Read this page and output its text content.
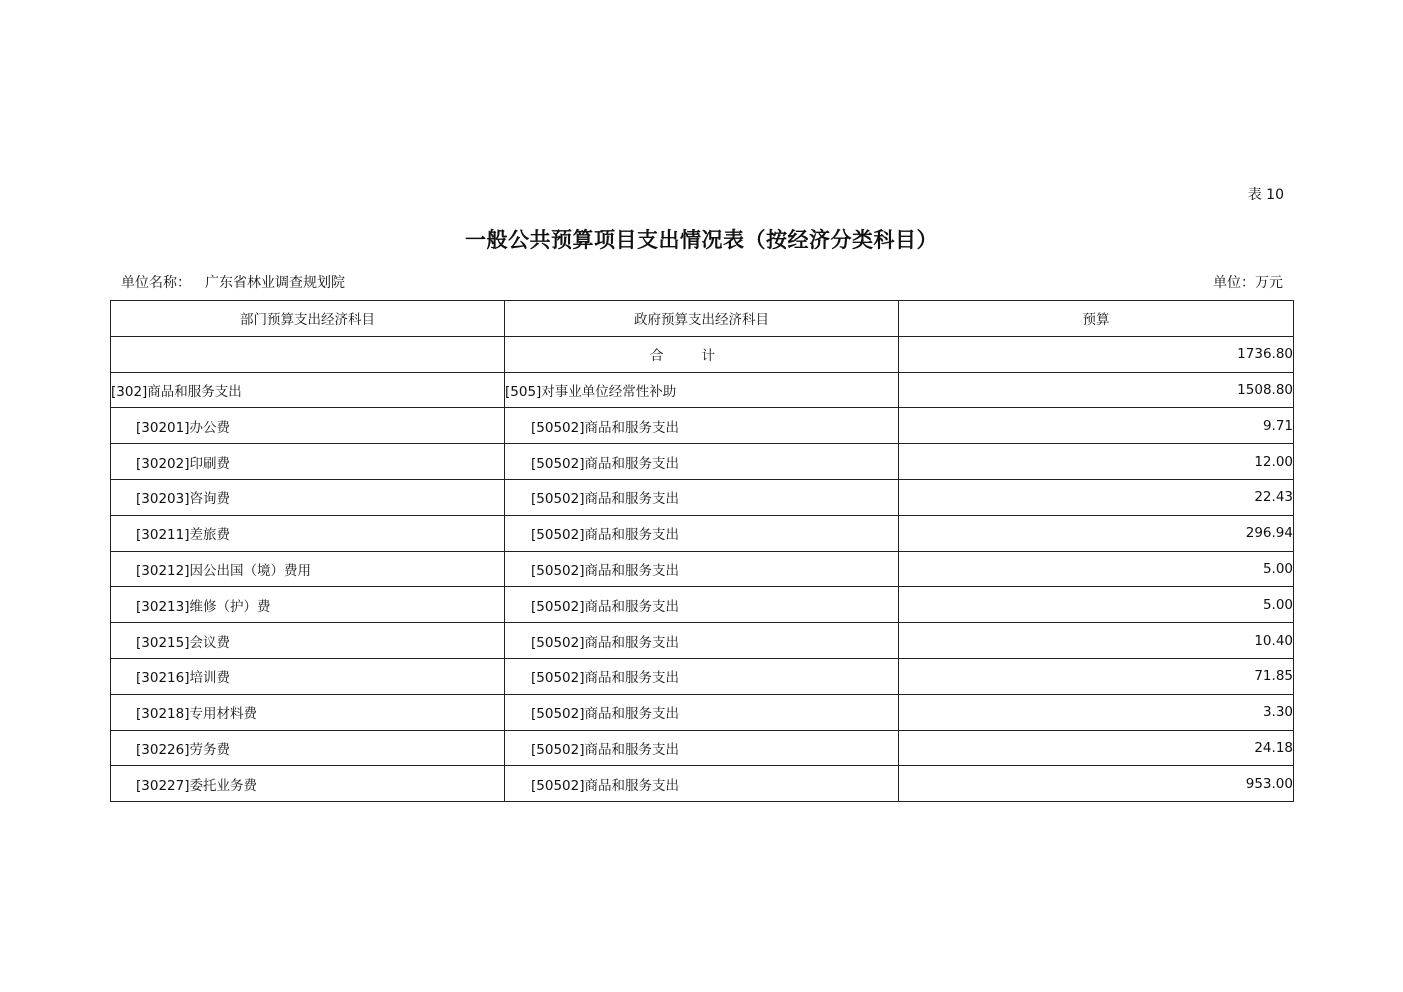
表 10
一般公共预算项目支出情况表（按经济分类科目）
单位名称： 广东省林业调查规划院	单位：万元
部门预算支出经济科目	政府预算支出经济科目	预算
	合计	1736.80
[302]商品和服务支出	[505]对事业单位经常性补助	1508.80
[30201]办公费	[50502]商品和服务支出	9.71
[30202]印刷费	[50502]商品和服务支出	12.00
[30203]咨询费	[50502]商品和服务支出	22.43
[30211]差旅费	[50502]商品和服务支出	296.94
[30212]因公出国（境）费用	[50502]商品和服务支出	5.00
[30213]维修（护）费	[50502]商品和服务支出	5.00
[30215]会议费	[50502]商品和服务支出	10.40
[30216]培训费	[50502]商品和服务支出	71.85
[30218]专用材料费	[50502]商品和服务支出	3.30
[30226]劳务费	[50502]商品和服务支出	24.18
[30227]委托业务费	[50502]商品和服务支出	953.00
